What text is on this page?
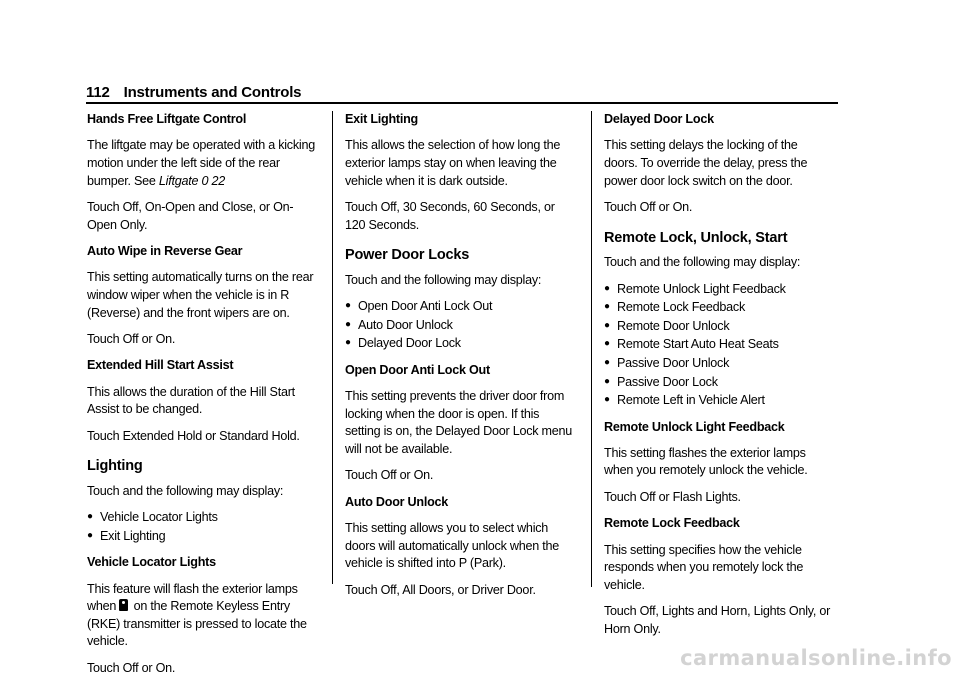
112 Instruments and Controls

Hands Free Liftgate Control

The liftgate may be operated with a kicking motion under the left side of the rear bumper. See Liftgate 0 22

Touch Off, On-Open and Close, or On-Open Only.

Auto Wipe in Reverse Gear

This setting automatically turns on the rear window wiper when the vehicle is in R (Reverse) and the front wipers are on.

Touch Off or On.

Extended Hill Start Assist

This allows the duration of the Hill Start Assist to be changed.

Touch Extended Hold or Standard Hold.

Lighting

Touch and the following may display:

● Vehicle Locator Lights
● Exit Lighting

Vehicle Locator Lights

This feature will flash the exterior lamps when  on the Remote Keyless Entry (RKE) transmitter is pressed to locate the vehicle.

Touch Off or On.

Exit Lighting

This allows the selection of how long the exterior lamps stay on when leaving the vehicle when it is dark outside.

Touch Off, 30 Seconds, 60 Seconds, or 120 Seconds.

Power Door Locks

Touch and the following may display:

● Open Door Anti Lock Out
● Auto Door Unlock
● Delayed Door Lock

Open Door Anti Lock Out

This setting prevents the driver door from locking when the door is open. If this setting is on, the Delayed Door Lock menu will not be available.

Touch Off or On.

Auto Door Unlock

This setting allows you to select which doors will automatically unlock when the vehicle is shifted into P (Park).

Touch Off, All Doors, or Driver Door.

Delayed Door Lock

This setting delays the locking of the doors. To override the delay, press the power door lock switch on the door.

Touch Off or On.

Remote Lock, Unlock, Start

Touch and the following may display:

● Remote Unlock Light Feedback
● Remote Lock Feedback
● Remote Door Unlock
● Remote Start Auto Heat Seats
● Passive Door Unlock
● Passive Door Lock
● Remote Left in Vehicle Alert

Remote Unlock Light Feedback

This setting flashes the exterior lamps when you remotely unlock the vehicle.

Touch Off or Flash Lights.

Remote Lock Feedback

This setting specifies how the vehicle responds when you remotely lock the vehicle.

Touch Off, Lights and Horn, Lights Only, or Horn Only.

carmanualsonline.info
